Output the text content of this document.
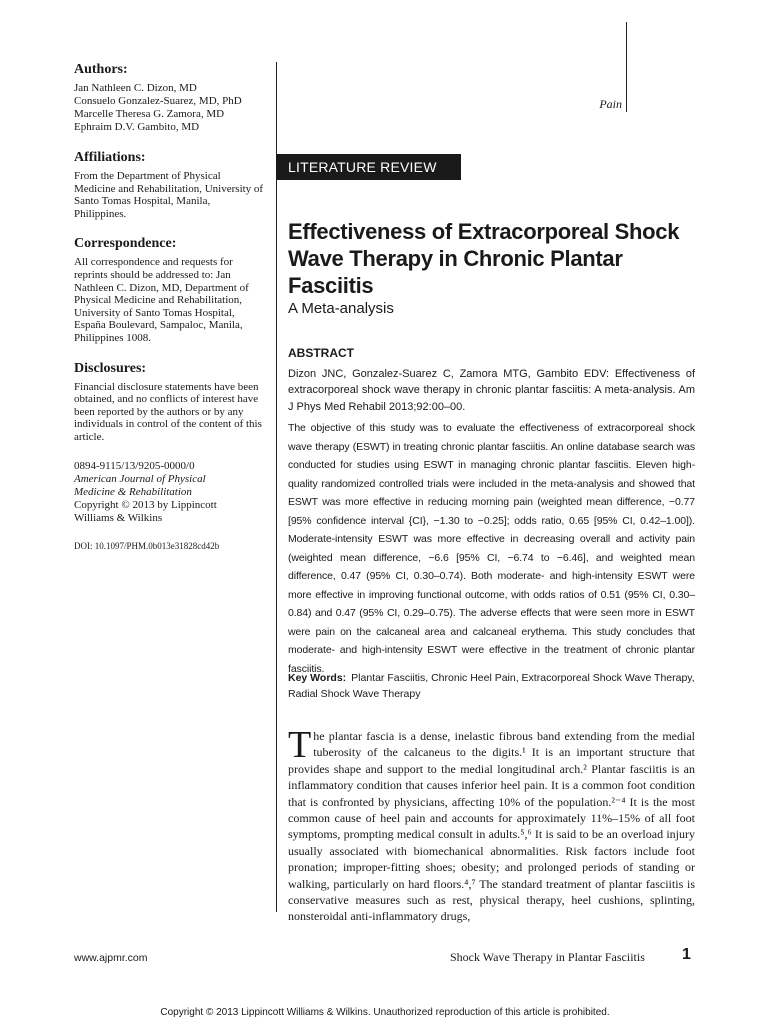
Pain
Authors:
Jan Nathleen C. Dizon, MD
Consuelo Gonzalez-Suarez, MD, PhD
Marcelle Theresa G. Zamora, MD
Ephraim D.V. Gambito, MD
Affiliations:
From the Department of Physical Medicine and Rehabilitation, University of Santo Tomas Hospital, Manila, Philippines.
Correspondence:
All correspondence and requests for reprints should be addressed to: Jan Nathleen C. Dizon, MD, Department of Physical Medicine and Rehabilitation, University of Santo Tomas Hospital, España Boulevard, Sampaloc, Manila, Philippines 1008.
Disclosures:
Financial disclosure statements have been obtained, and no conflicts of interest have been reported by the authors or by any individuals in control of the content of this article.
0894-9115/13/9205-0000/0
American Journal of Physical
Medicine & Rehabilitation
Copyright © 2013 by Lippincott
Williams & Wilkins
DOI: 10.1097/PHM.0b013e31828cd42b
LITERATURE REVIEW
Effectiveness of Extracorporeal Shock Wave Therapy in Chronic Plantar Fasciitis
A Meta-analysis
ABSTRACT

Dizon JNC, Gonzalez-Suarez C, Zamora MTG, Gambito EDV: Effectiveness of extracorporeal shock wave therapy in chronic plantar fasciitis: A meta-analysis. Am J Phys Med Rehabil 2013;92:00–00.

The objective of this study was to evaluate the effectiveness of extracorporeal shock wave therapy (ESWT) in treating chronic plantar fasciitis. An online database search was conducted for studies using ESWT in managing chronic plantar fasciitis. Eleven high-quality randomized controlled trials were included in the meta-analysis and showed that ESWT was more effective in reducing morning pain (weighted mean difference, −0.77 [95% confidence interval {CI}, −1.30 to −0.25]; odds ratio, 0.65 [95% CI, 0.42–1.00]). Moderate-intensity ESWT was more effective in decreasing overall and activity pain (weighted mean difference, −6.6 [95% CI, −6.74 to −6.46], and weighted mean difference, 0.47 (95% CI, 0.30–0.74). Both moderate- and high-intensity ESWT were more effective in improving functional outcome, with odds ratios of 0.51 (95% CI, 0.30–0.84) and 0.47 (95% CI, 0.29–0.75). The adverse effects that were seen more in ESWT were pain on the calcaneal area and calcaneal erythema. This study concludes that moderate- and high-intensity ESWT were effective in the treatment of chronic plantar fasciitis.

Key Words: Plantar Fasciitis, Chronic Heel Pain, Extracorporeal Shock Wave Therapy, Radial Shock Wave Therapy

The plantar fascia is a dense, inelastic fibrous band extending from the medial tuberosity of the calcaneus to the digits.¹ It is an important structure that provides shape and support to the medial longitudinal arch.² Plantar fasciitis is an inflammatory condition that causes inferior heel pain. It is a common foot condition that is confronted by physicians, affecting 10% of the population.²⁻⁴ It is the most common cause of heel pain and accounts for approximately 11%–15% of all foot symptoms, prompting medical consult in adults.⁵,⁶ It is said to be an overload injury usually associated with biomechanical abnormalities. Risk factors include foot pronation; improper-fitting shoes; obesity; and prolonged periods of standing or walking, particularly on hard floors.⁴,⁷ The standard treatment of plantar fasciitis is conservative measures such as rest, physical therapy, heel cushions, splinting, nonsteroidal anti-inflammatory drugs,

www.ajpmr.com	Shock Wave Therapy in Plantar Fasciitis 1
Copyright © 2013 Lippincott Williams & Wilkins. Unauthorized reproduction of this article is prohibited.
